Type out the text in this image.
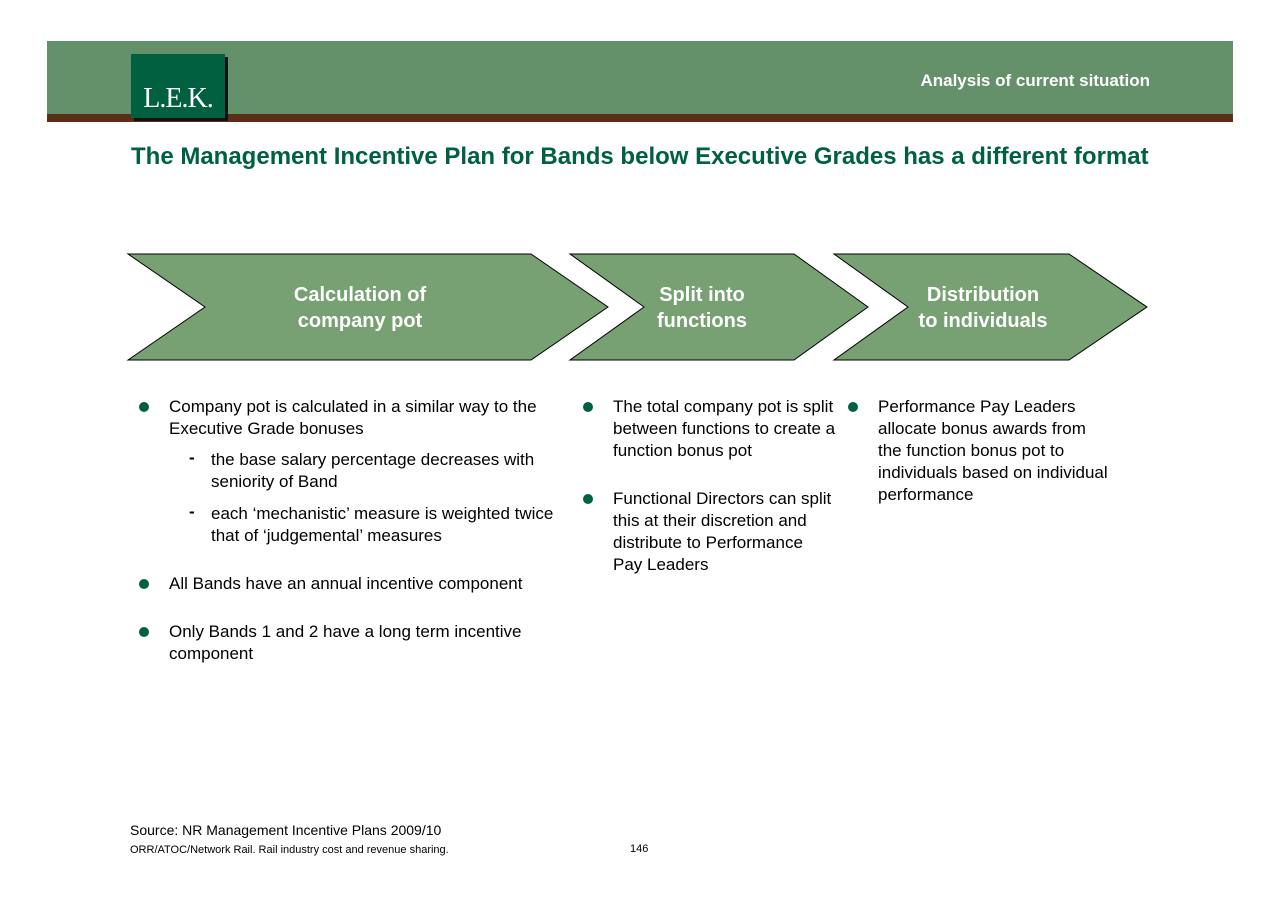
L.E.K.
Analysis of current situation
The Management Incentive Plan for Bands below Executive Grades has a different format
Calculation of
company pot
Split into
functions
Distribution
to individuals
Company pot is calculated in a similar way to the Executive Grade bonuses
- the base salary percentage decreases with seniority of Band
- each ‘mechanistic’ measure is weighted twice that of ‘judgemental’ measures
All Bands have an annual incentive component
Only Bands 1 and 2 have a long term incentive component
The total company pot is split between functions to create a function bonus pot
Functional Directors can split this at their discretion and distribute to Performance Pay Leaders
Performance Pay Leaders allocate bonus awards from the function bonus pot to individuals based on individual performance
Source: NR Management Incentive Plans 2009/10
ORR/ATOC/Network Rail. Rail industry cost and revenue sharing.	146
